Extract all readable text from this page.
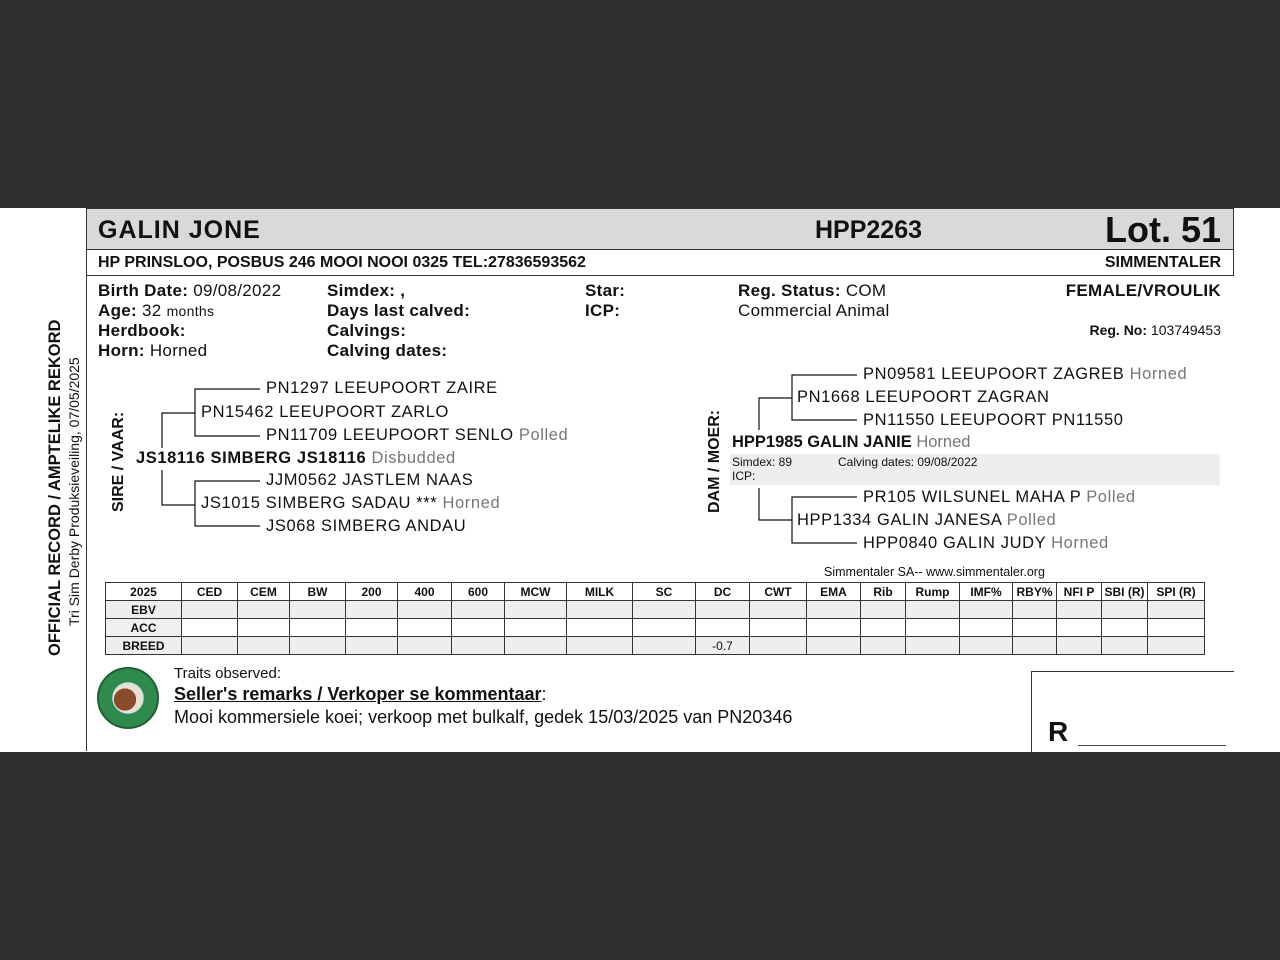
GALIN JONE	HPP2263	Lot. 51
HP PRINSLOO, POSBUS 246 MOOI NOOI 0325 TEL:27836593562	SIMMENTALER
OFFICIAL RECORD / AMPTELIKE REKORD Tri Sim Derby Produksieveiling, 07/05/2025
Birth Date: 09/08/2022
Age: 32 months
Herdbook:
Horn: Horned
Simdex: ,
Days last calved:
Calvings:
Calving dates:
Star:
ICP:
Reg. Status: COM
Commercial Animal
FEMALE/VROULIK
Reg. No: 103749453
SIRE / VAAR:
PN1297 LEEUPOORT ZAIRE
PN15462 LEEUPOORT ZARLO
PN11709 LEEUPOORT SENLO Polled
JS18116 SIMBERG JS18116 Disbudded
JJM0562 JASTLEM NAAS
JS1015 SIMBERG SADAU *** Horned
JS068 SIMBERG ANDAU
DAM / MOER:
PN09581 LEEUPOORT ZAGREB Horned
PN1668 LEEUPOORT ZAGRAN
PN11550 LEEUPOORT PN11550
HPP1985 GALIN JANIE Horned
Simdex: 89	Calving dates: 09/08/2022
ICP:
PR105 WILSUNEL MAHA P Polled
HPP1334 GALIN JANESA Polled
HPP0840 GALIN JUDY Horned
Simmentaler SA-- www.simmentaler.org
2025	CED	CEM	BW	200	400	600	MCW	MILK	SC	DC	CWT	EMA	Rib	Rump	IMF%	RBY%	NFI P	SBI (R)	SPI (R)
EBV																			
ACC																			
BREED										-0.7									
Traits observed:
Seller's remarks / Verkoper se kommentaar:
Mooi kommersiele koei; verkoop met bulkalf, gedek 15/03/2025 van PN20346	R ___________________
